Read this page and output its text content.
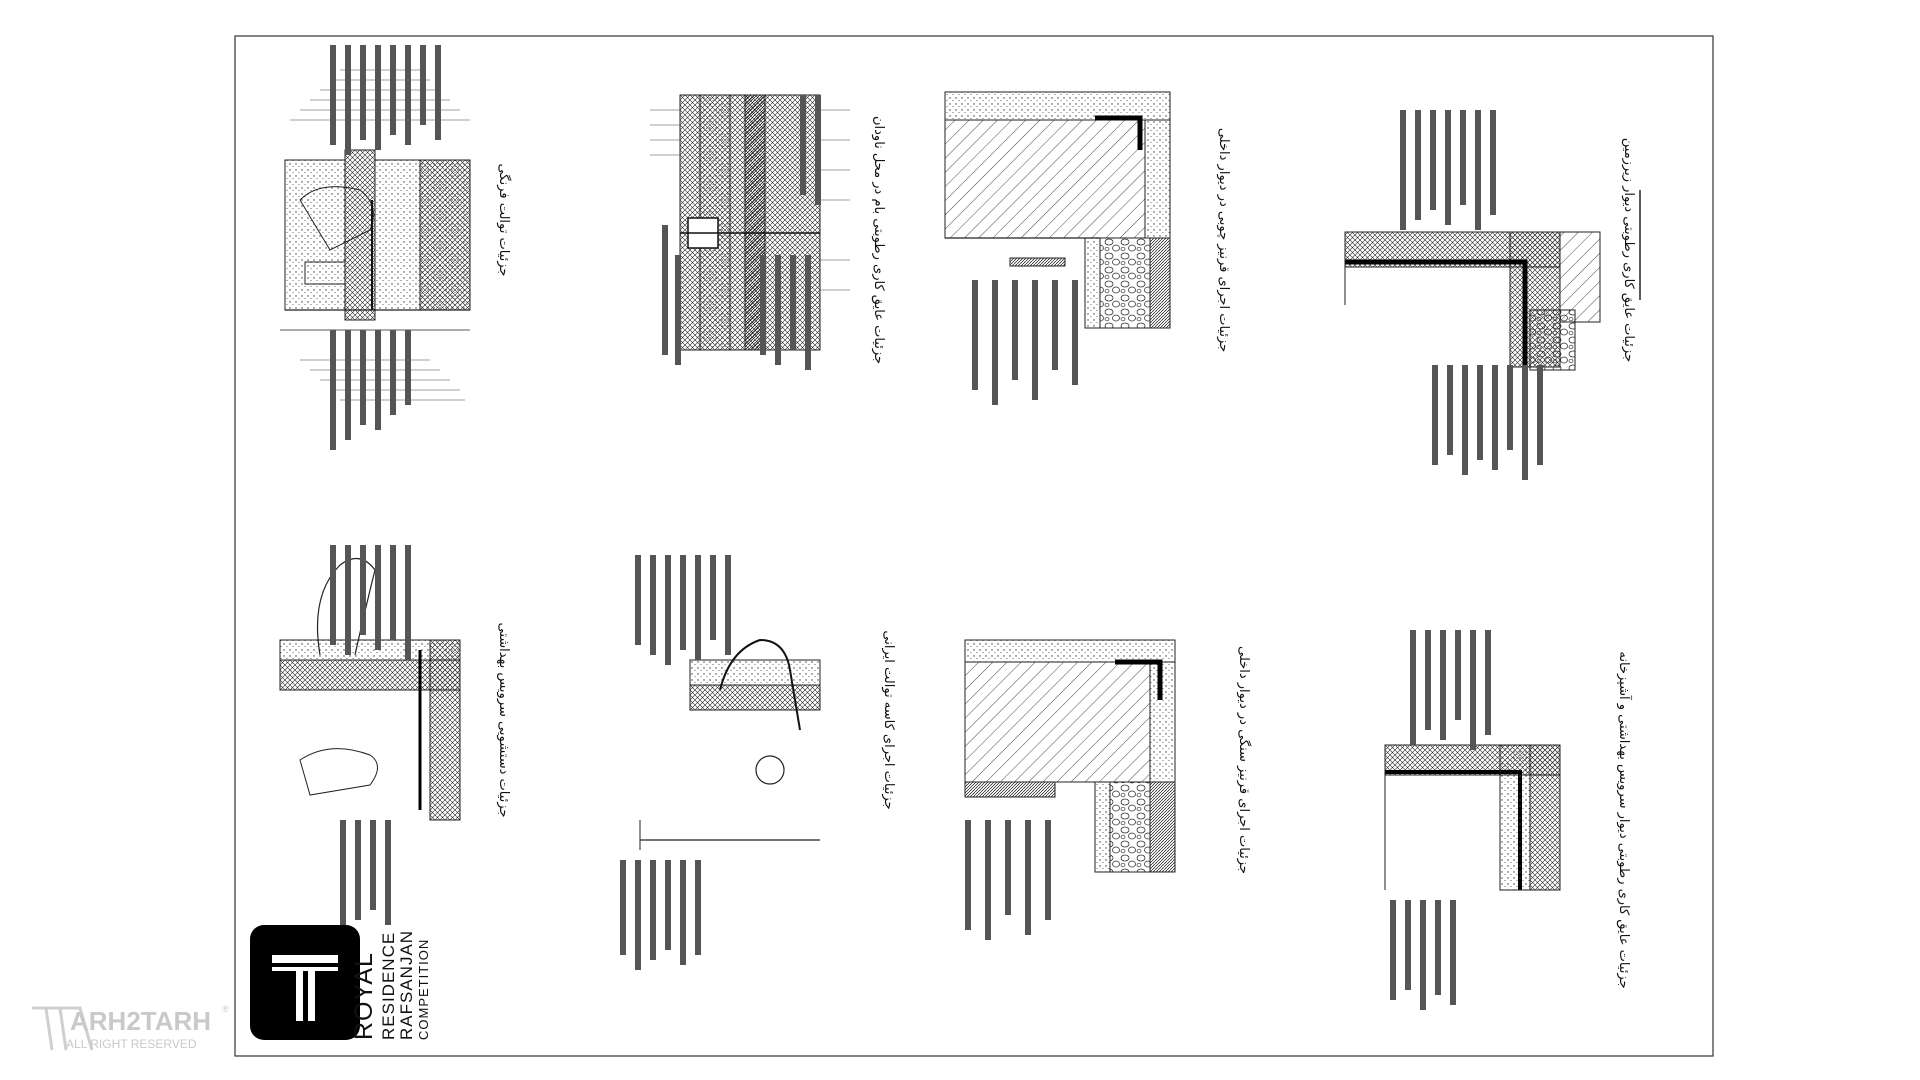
جزئیات توالت فرنگی	جزئیات عایق کاری رطوبتی بام در محل ناودان	جزئیات اجرای قرنیز چوبی در دیوار داخلی	جزئیات عایق کاری رطوبتی دیوار زیرزمین
جزئیات دستشویی سرویس بهداشتی	جزئیات اجرای کاسه توالت ایرانی	جزئیات اجرای قرنیز سنگی در دیوار داخلی	جزئیات عایق کاری رطوبتی دیوار سرویس بهداشتی و آشپزخانه
ROYAL RESIDENCE RAFSANJAN COMPETITION
ARH2TARH ®
ALL RIGHT RESERVED
